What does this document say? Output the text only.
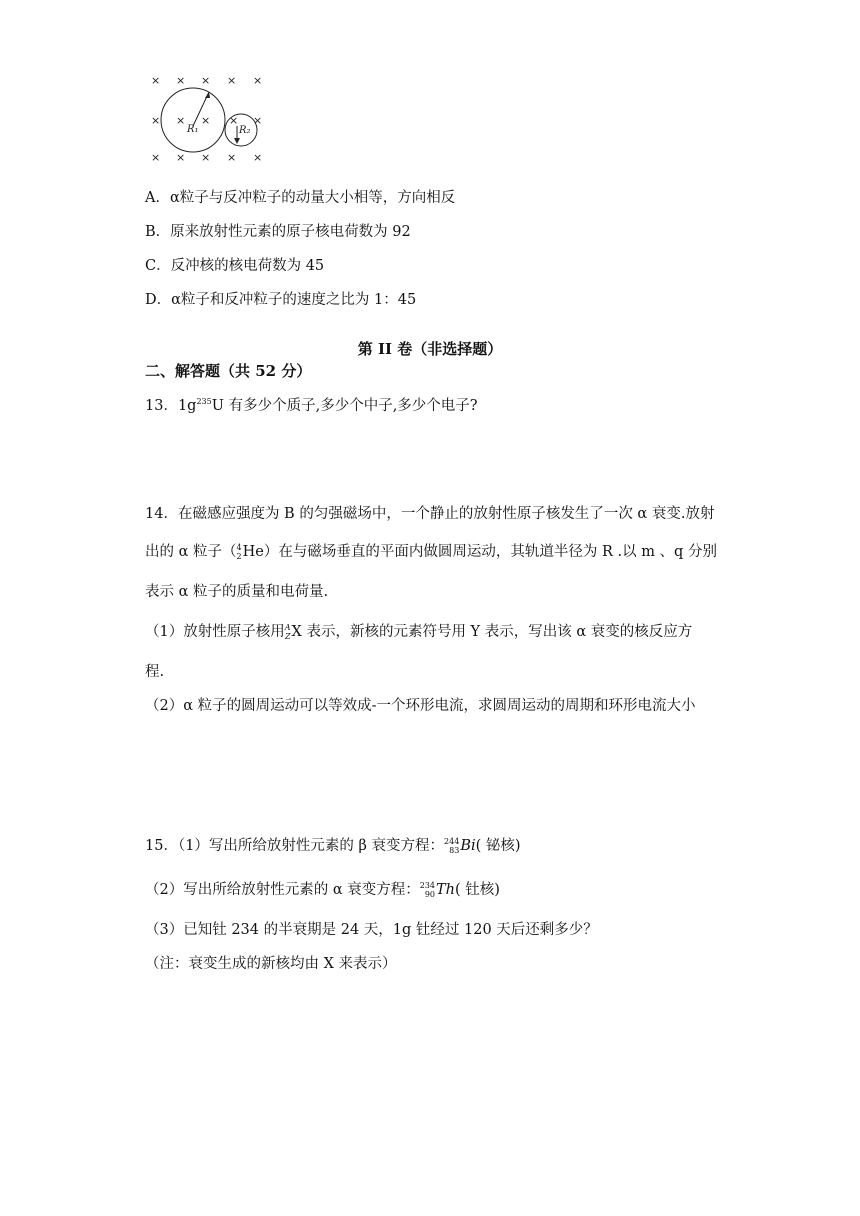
× × × × ×
× × × × ×
× × × × ×
R₁	R₂
A．α粒子与反冲粒子的动量大小相等，方向相反
B．原来放射性元素的原子核电荷数为 92
C．反冲核的核电荷数为 45
D．α粒子和反冲粒子的速度之比为 1：45
第 II 卷（非选择题）
二、解答题（共 52 分）
13．$1g^{235}U$ 有多少个质子,多少个中子,多少个电子?
14．在磁感应强度为 B 的匀强磁场中，一个静止的放射性原子核发生了一次 α 衰变.放射
出的 α 粒子（ 4
2 He）在与磁场垂直的平面内做圆周运动，其轨道半径为 R .以 m 、q 分别
表示 α 粒子的质量和电荷量.
（1）放射性原子核用 A
Z X 表示，新核的元素符号用 Y 表示，写出该 α 衰变的核反应方
程.
（2）α 粒子的圆周运动可以等效成-一个环形电流，求圆周运动的周期和环形电流大小
15．（1）写出所给放射性元素的 β 衰变方程： 244
83 Bi( 铋核)
（2）写出所给放射性元素的 α 衰变方程： 234
90 Th( 钍核)
（3）已知钍 234 的半衰期是 24 天，1g 钍经过 120 天后还剩多少？
（注：衰变生成的新核均由 X 来表示）
